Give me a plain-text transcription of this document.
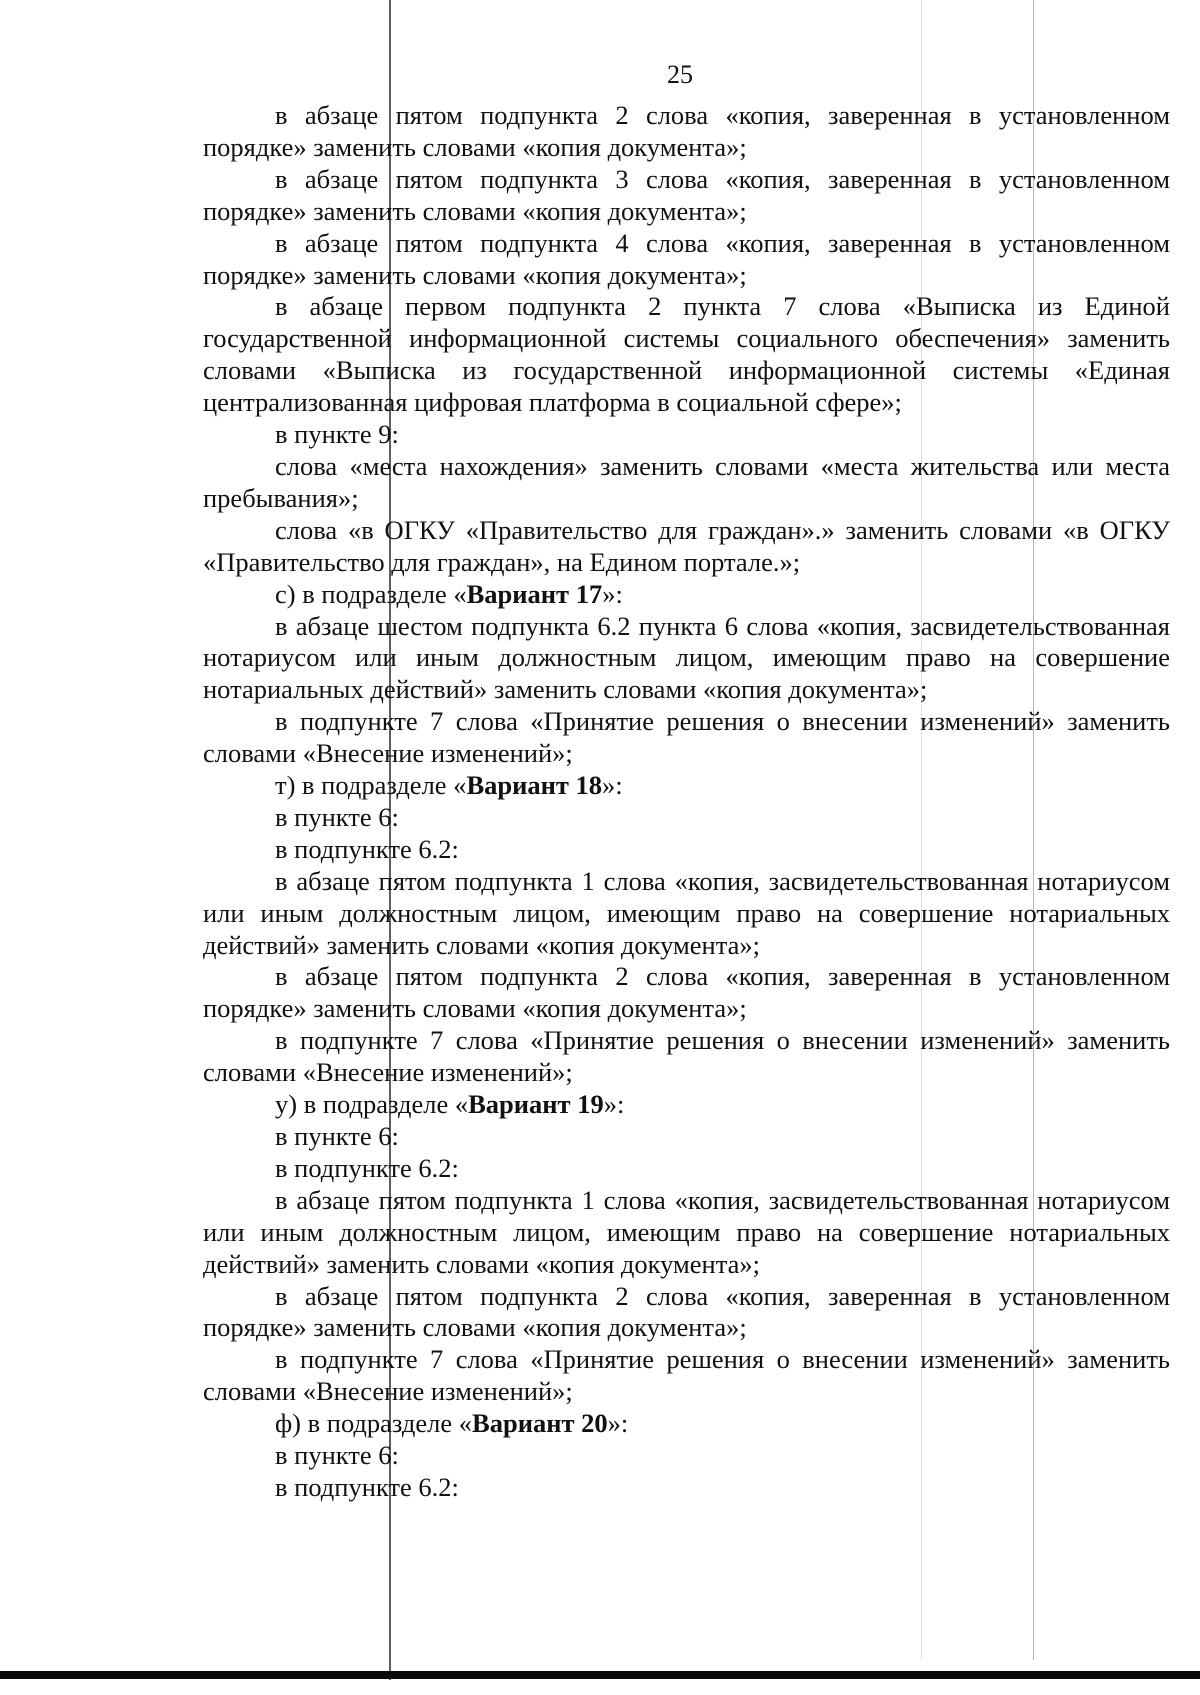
25

в абзаце пятом подпункта 2 слова «копия, заверенная в установленном порядке» заменить словами «копия документа»;

в абзаце пятом подпункта 3 слова «копия, заверенная в установленном порядке» заменить словами «копия документа»;

в абзаце пятом подпункта 4 слова «копия, заверенная в установленном порядке» заменить словами «копия документа»;

в абзаце первом подпункта 2 пункта 7 слова «Выписка из Единой государственной информационной системы социального обеспечения» заменить словами «Выписка из государственной информационной системы «Единая централизованная цифровая платформа в социальной сфере»;

в пункте 9:

слова «места нахождения» заменить словами «места жительства или места пребывания»;

слова «в ОГКУ «Правительство для граждан».» заменить словами «в ОГКУ «Правительство для граждан», на Едином портале.»;

с) в подразделе «Вариант 17»:

в абзаце шестом подпункта 6.2 пункта 6 слова «копия, засвидетельствованная нотариусом или иным должностным лицом, имеющим право на совершение нотариальных действий» заменить словами «копия документа»;

в подпункте 7 слова «Принятие решения о внесении изменений» заменить словами «Внесение изменений»;

т) в подразделе «Вариант 18»:

в пункте 6:

в подпункте 6.2:

в абзаце пятом подпункта 1 слова «копия, засвидетельствованная нотариусом или иным должностным лицом, имеющим право на совершение нотариальных действий» заменить словами «копия документа»;

в абзаце пятом подпункта 2 слова «копия, заверенная в установленном порядке» заменить словами «копия документа»;

в подпункте 7 слова «Принятие решения о внесении изменений» заменить словами «Внесение изменений»;

у) в подразделе «Вариант 19»:

в пункте 6:

в подпункте 6.2:

в абзаце пятом подпункта 1 слова «копия, засвидетельствованная нотариусом или иным должностным лицом, имеющим право на совершение нотариальных действий» заменить словами «копия документа»;

в абзаце пятом подпункта 2 слова «копия, заверенная в установленном порядке» заменить словами «копия документа»;

в подпункте 7 слова «Принятие решения о внесении изменений» заменить словами «Внесение изменений»;

ф) в подразделе «Вариант 20»:

в пункте 6:

в подпункте 6.2:
